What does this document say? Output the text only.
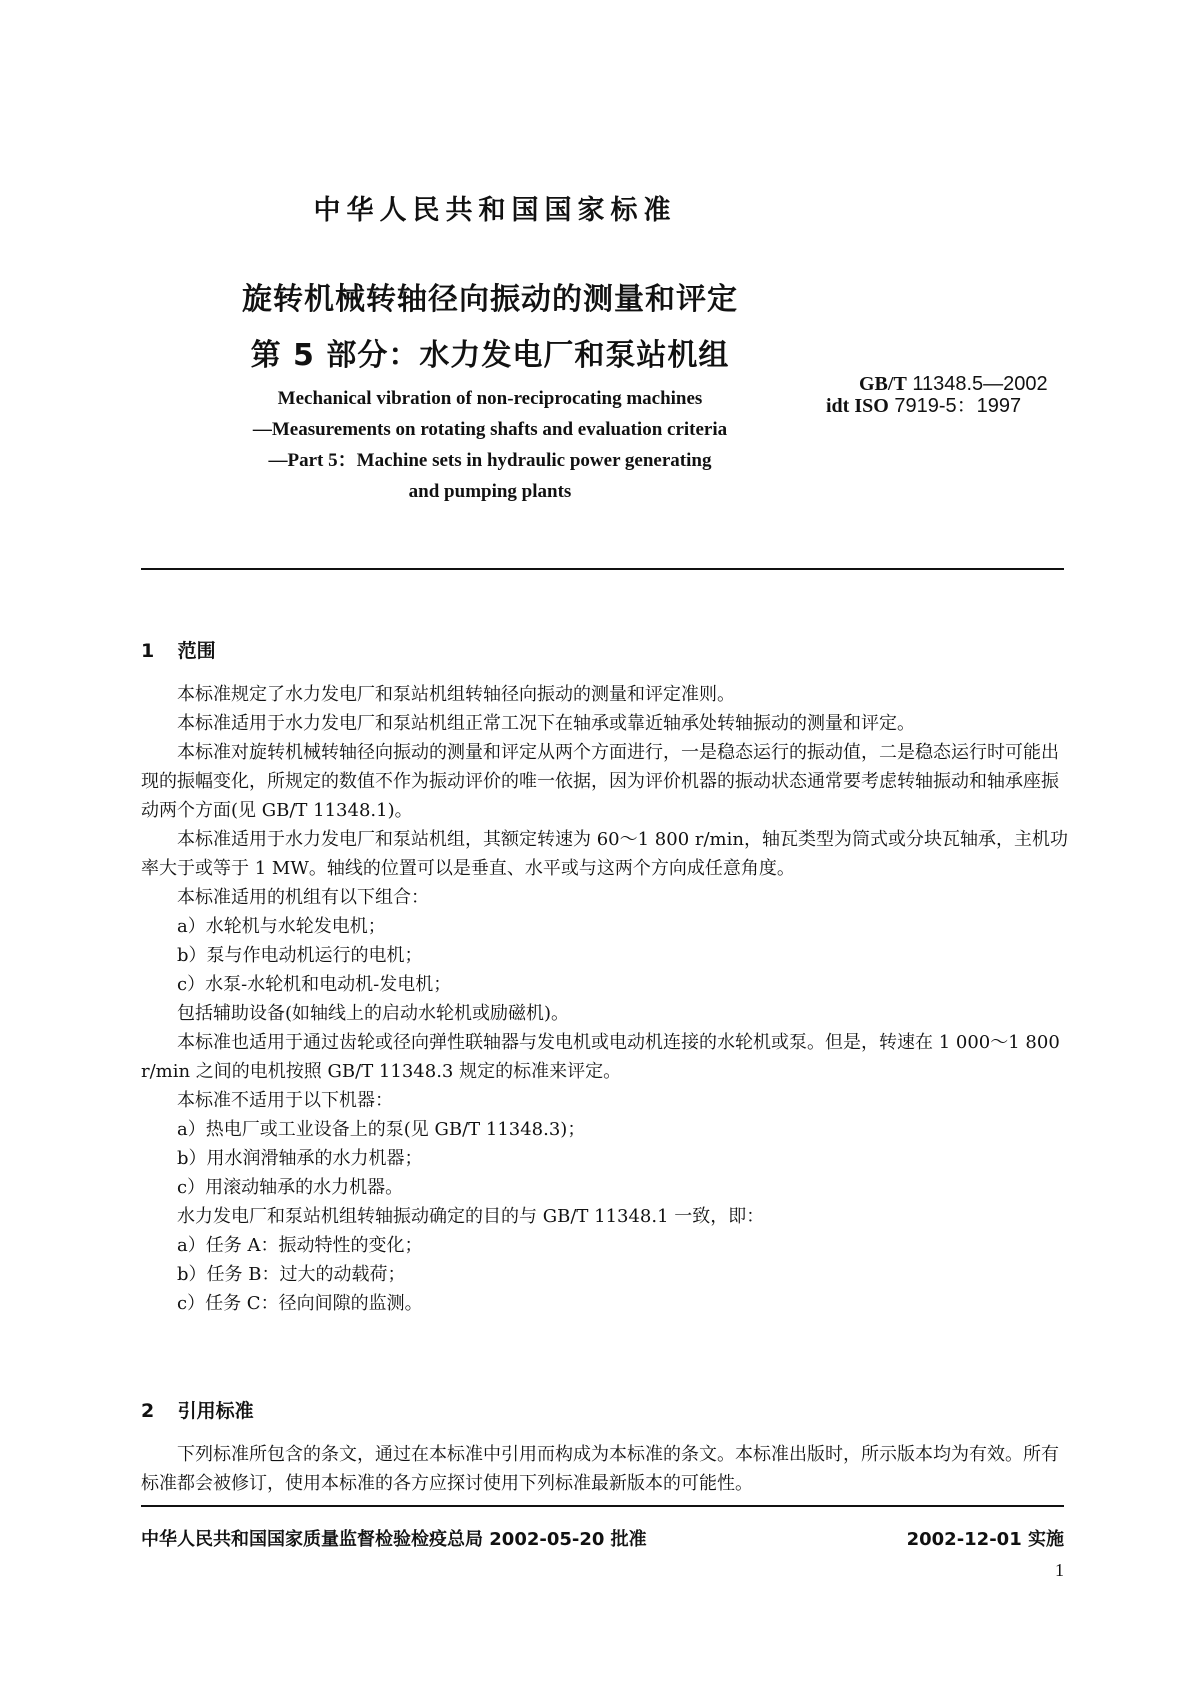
中华人民共和国国家标准
旋转机械转轴径向振动的测量和评定
第 5 部分：水力发电厂和泵站机组
Mechanical vibration of non-reciprocating machines
—Measurements on rotating shafts and evaluation criteria
—Part 5：Machine sets in hydraulic power generating
and pumping plants
GB/T 11348.5—2002
idt ISO 7919-5：1997
1 范围

本标准规定了水力发电厂和泵站机组转轴径向振动的测量和评定准则。

本标准适用于水力发电厂和泵站机组正常工况下在轴承或靠近轴承处转轴振动的测量和评定。

本标准对旋转机械转轴径向振动的测量和评定从两个方面进行，一是稳态运行的振动值，二是稳态运行时可能出现的振幅变化，所规定的数值不作为振动评价的唯一依据，因为评价机器的振动状态通常要考虑转轴振动和轴承座振动两个方面(见 GB/T 11348.1)。

本标准适用于水力发电厂和泵站机组，其额定转速为 60～1 800 r/min，轴瓦类型为筒式或分块瓦轴承，主机功率大于或等于 1 MW。轴线的位置可以是垂直、水平或与这两个方向成任意角度。

本标准适用的机组有以下组合：

a）水轮机与水轮发电机；

b）泵与作电动机运行的电机；

c）水泵-水轮机和电动机-发电机；

包括辅助设备(如轴线上的启动水轮机或励磁机)。

本标准也适用于通过齿轮或径向弹性联轴器与发电机或电动机连接的水轮机或泵。但是，转速在 1 000～1 800 r/min 之间的电机按照 GB/T 11348.3 规定的标准来评定。

本标准不适用于以下机器：

a）热电厂或工业设备上的泵(见 GB/T 11348.3)；

b）用水润滑轴承的水力机器；

c）用滚动轴承的水力机器。

水力发电厂和泵站机组转轴振动确定的目的与 GB/T 11348.1 一致，即：

a）任务 A：振动特性的变化；

b）任务 B：过大的动载荷；

c）任务 C：径向间隙的监测。

2 引用标准

下列标准所包含的条文，通过在本标准中引用而构成为本标准的条文。本标准出版时，所示版本均为有效。所有标准都会被修订，使用本标准的各方应探讨使用下列标准最新版本的可能性。

中华人民共和国国家质量监督检验检疫总局 2002-05-20 批准	2002-12-01 实施
1
